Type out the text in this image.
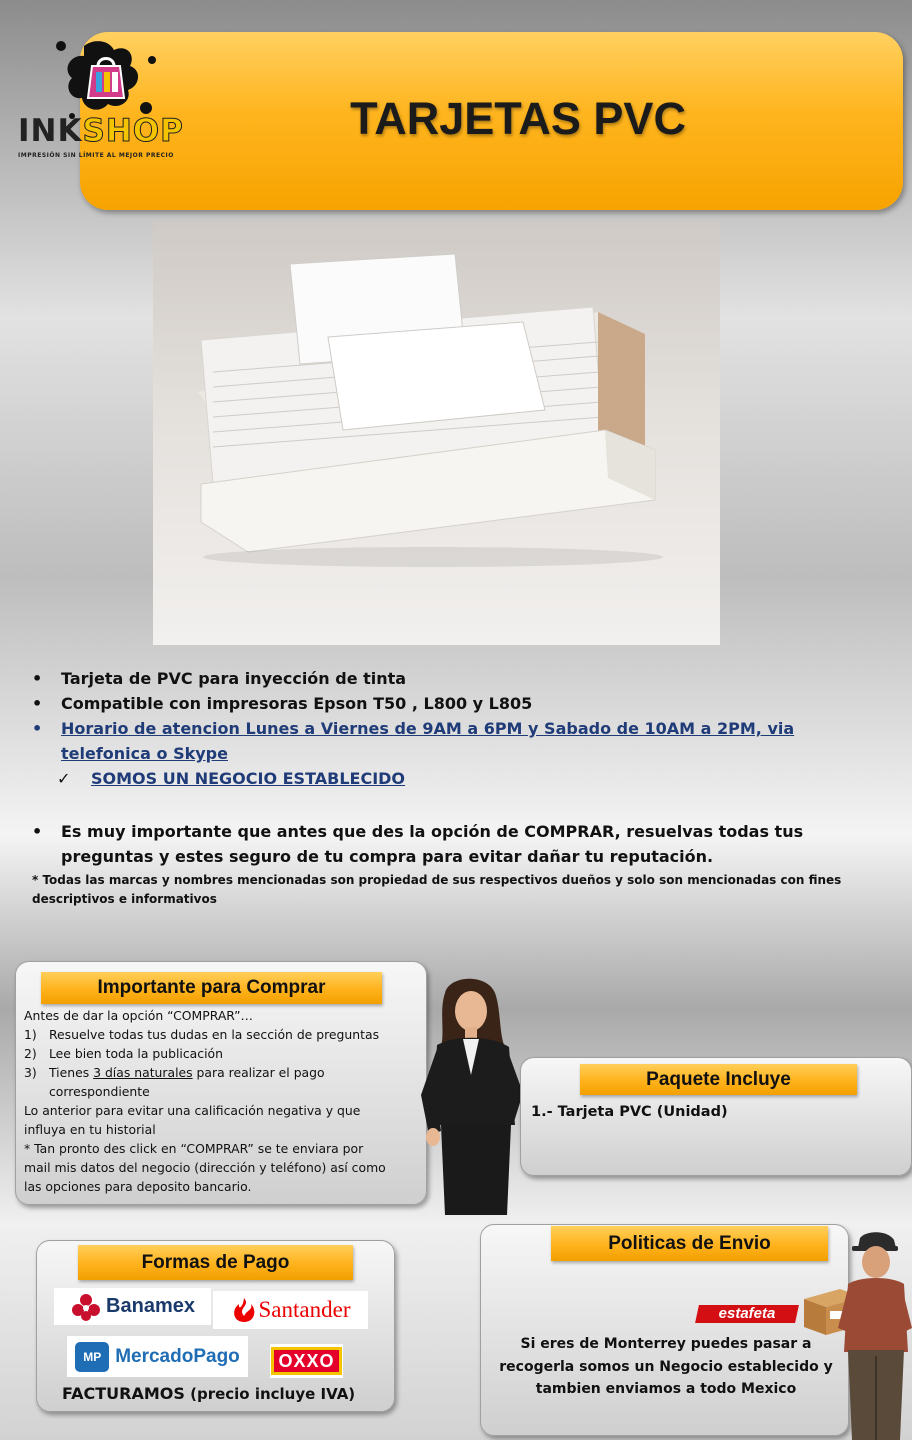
TARJETAS PVC
INKSHOP
IMPRESIÓN SIN LÍMITE AL MEJOR PRECIO
•	Tarjeta de PVC para inyección de tinta
•	Compatible con impresoras Epson T50 , L800 y L805
•	Horario de atencion Lunes a Viernes de 9AM a 6PM y Sabado de 10AM a 2PM, via
telefonica o Skype
✓ SOMOS UN NEGOCIO ESTABLECIDO
•	Es muy importante que antes que des la opción de COMPRAR, resuelvas todas tus
preguntas y estes seguro de tu compra para evitar dañar tu reputación.
* Todas las marcas y nombres mencionadas son propiedad de sus respectivos dueños y solo son mencionadas con fines descriptivos e informativos
Importante para Comprar
Antes de dar la opción “COMPRAR”…
1) Resuelve todas tus dudas en la sección de preguntas
2) Lee bien toda la publicación
3) Tienes 3 días naturales para realizar el pago
correspondiente
Lo anterior para evitar una calificación negativa y que
influya en tu historial
* Tan pronto des click en “COMPRAR” se te enviara por
mail mis datos del negocio (dirección y teléfono) así como
las opciones para deposito bancario.
Paquete Incluye
1.- Tarjeta PVC (Unidad)
Formas de Pago
Banamex	Santander
MP MercadoPago OXXO
FACTURAMOS (precio incluye IVA)
Politicas de Envio
estafeta
Si eres de Monterrey puedes pasar a
recogerla somos un Negocio establecido y
tambien enviamos a todo Mexico
